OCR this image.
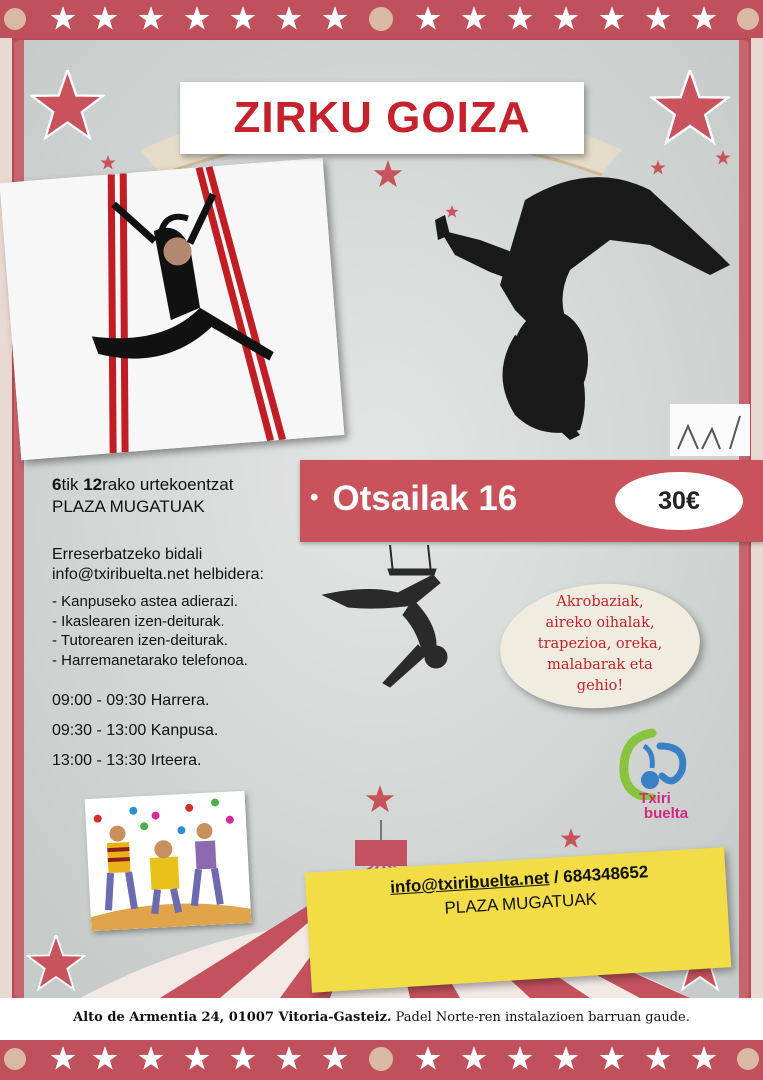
ZIRKU GOIZA
• Otsailak 16	30€
6tik 12rako urtekoentzat
PLAZA MUGATUAK
Erreserbatzeko bidali
info@txiribuelta.net helbidera:
- Kanpuseko astea adierazi.
- Ikaslearen izen-deiturak.
- Tutorearen izen-deiturak.
- Harremanetarako telefonoa.
09:00 - 09:30 Harrera.
09:30 - 13:00 Kanpusa.
13:00 - 13:30 Irteera.
Akrobaziak,
aireko oihalak,
trapezioa, oreka,
malabarak eta
gehio!
Txiri
buelta
info@txiribuelta.net / 684348652
PLAZA MUGATUAK
Alto de Armentia 24, 01007 Vitoria-Gasteiz. Padel Norte-ren instalazioen barruan gaude.
